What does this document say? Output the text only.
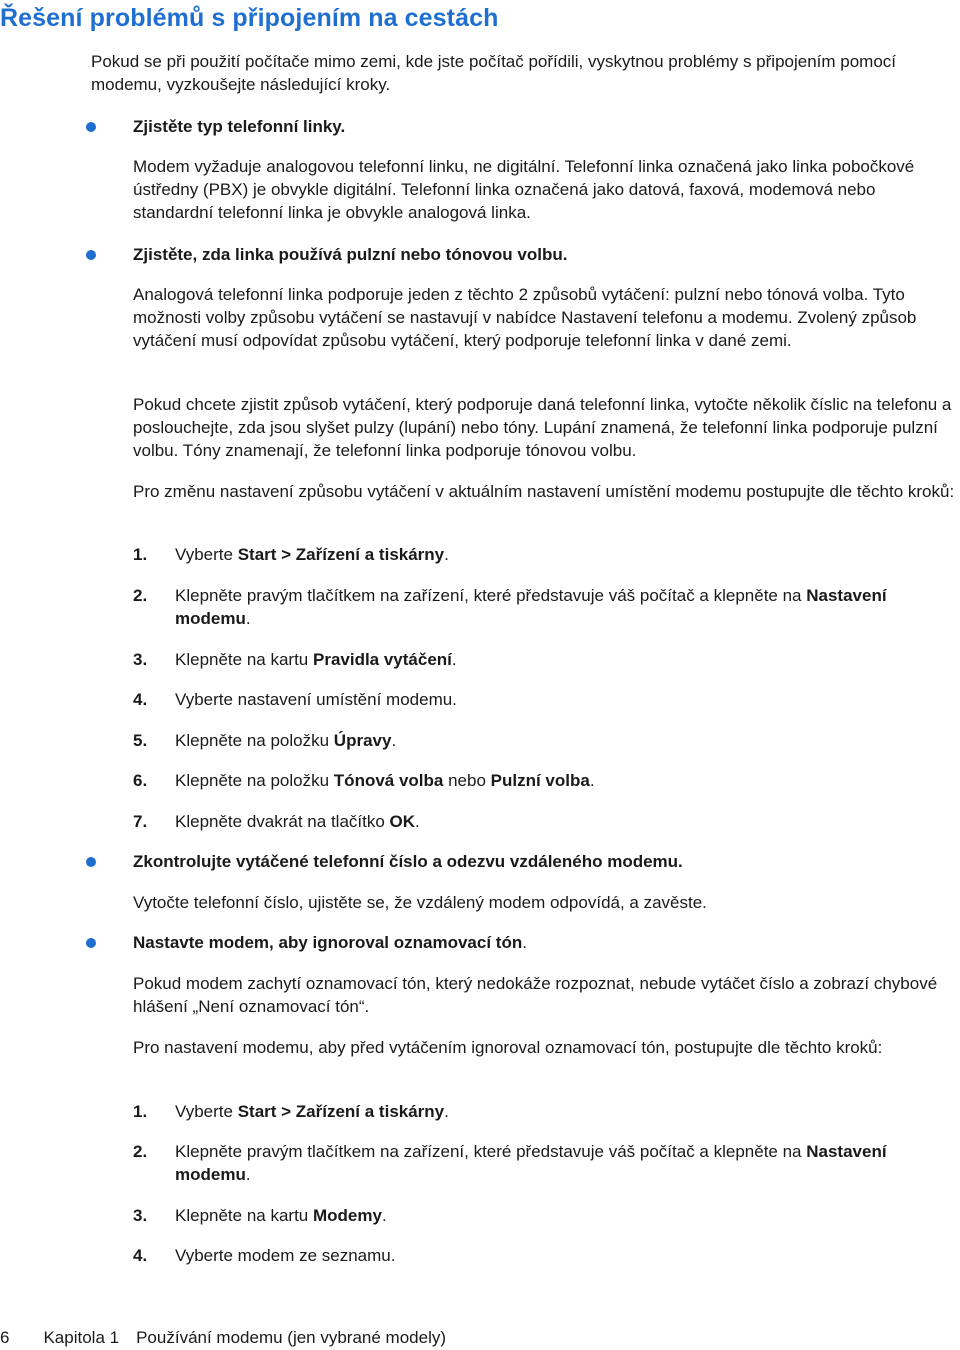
Řešení problémů s připojením na cestách

Pokud se při použití počítače mimo zemi, kde jste počítač pořídili, vyskytnou problémy s připojením pomocí modemu, vyzkoušejte následující kroky.

Zjistěte typ telefonní linky.

Modem vyžaduje analogovou telefonní linku, ne digitální. Telefonní linka označená jako linka pobočkové ústředny (PBX) je obvykle digitální. Telefonní linka označená jako datová, faxová, modemová nebo standardní telefonní linka je obvykle analogová linka.

Zjistěte, zda linka používá pulzní nebo tónovou volbu.

Analogová telefonní linka podporuje jeden z těchto 2 způsobů vytáčení: pulzní nebo tónová volba. Tyto možnosti volby způsobu vytáčení se nastavují v nabídce Nastavení telefonu a modemu. Zvolený způsob vytáčení musí odpovídat způsobu vytáčení, který podporuje telefonní linka v dané zemi.

Pokud chcete zjistit způsob vytáčení, který podporuje daná telefonní linka, vytočte několik číslic na telefonu a poslouchejte, zda jsou slyšet pulzy (lupání) nebo tóny. Lupání znamená, že telefonní linka podporuje pulzní volbu. Tóny znamenají, že telefonní linka podporuje tónovou volbu.

Pro změnu nastavení způsobu vytáčení v aktuálním nastavení umístění modemu postupujte dle těchto kroků:

1. Vyberte Start > Zařízení a tiskárny.

2. Klepněte pravým tlačítkem na zařízení, které představuje váš počítač a klepněte na Nastavení modemu.

3. Klepněte na kartu Pravidla vytáčení.

4. Vyberte nastavení umístění modemu.

5. Klepněte na položku Úpravy.

6. Klepněte na položku Tónová volba nebo Pulzní volba.

7. Klepněte dvakrát na tlačítko OK.

Zkontrolujte vytáčené telefonní číslo a odezvu vzdáleného modemu.

Vytočte telefonní číslo, ujistěte se, že vzdálený modem odpovídá, a zavěste.

Nastavte modem, aby ignoroval oznamovací tón.

Pokud modem zachytí oznamovací tón, který nedokáže rozpoznat, nebude vytáčet číslo a zobrazí chybové hlášení „Není oznamovací tón“.

Pro nastavení modemu, aby před vytáčením ignoroval oznamovací tón, postupujte dle těchto kroků:

1. Vyberte Start > Zařízení a tiskárny.

2. Klepněte pravým tlačítkem na zařízení, které představuje váš počítač a klepněte na Nastavení modemu.

3. Klepněte na kartu Modemy.

4. Vyberte modem ze seznamu.

6 Kapitola 1 Používání modemu (jen vybrané modely)
